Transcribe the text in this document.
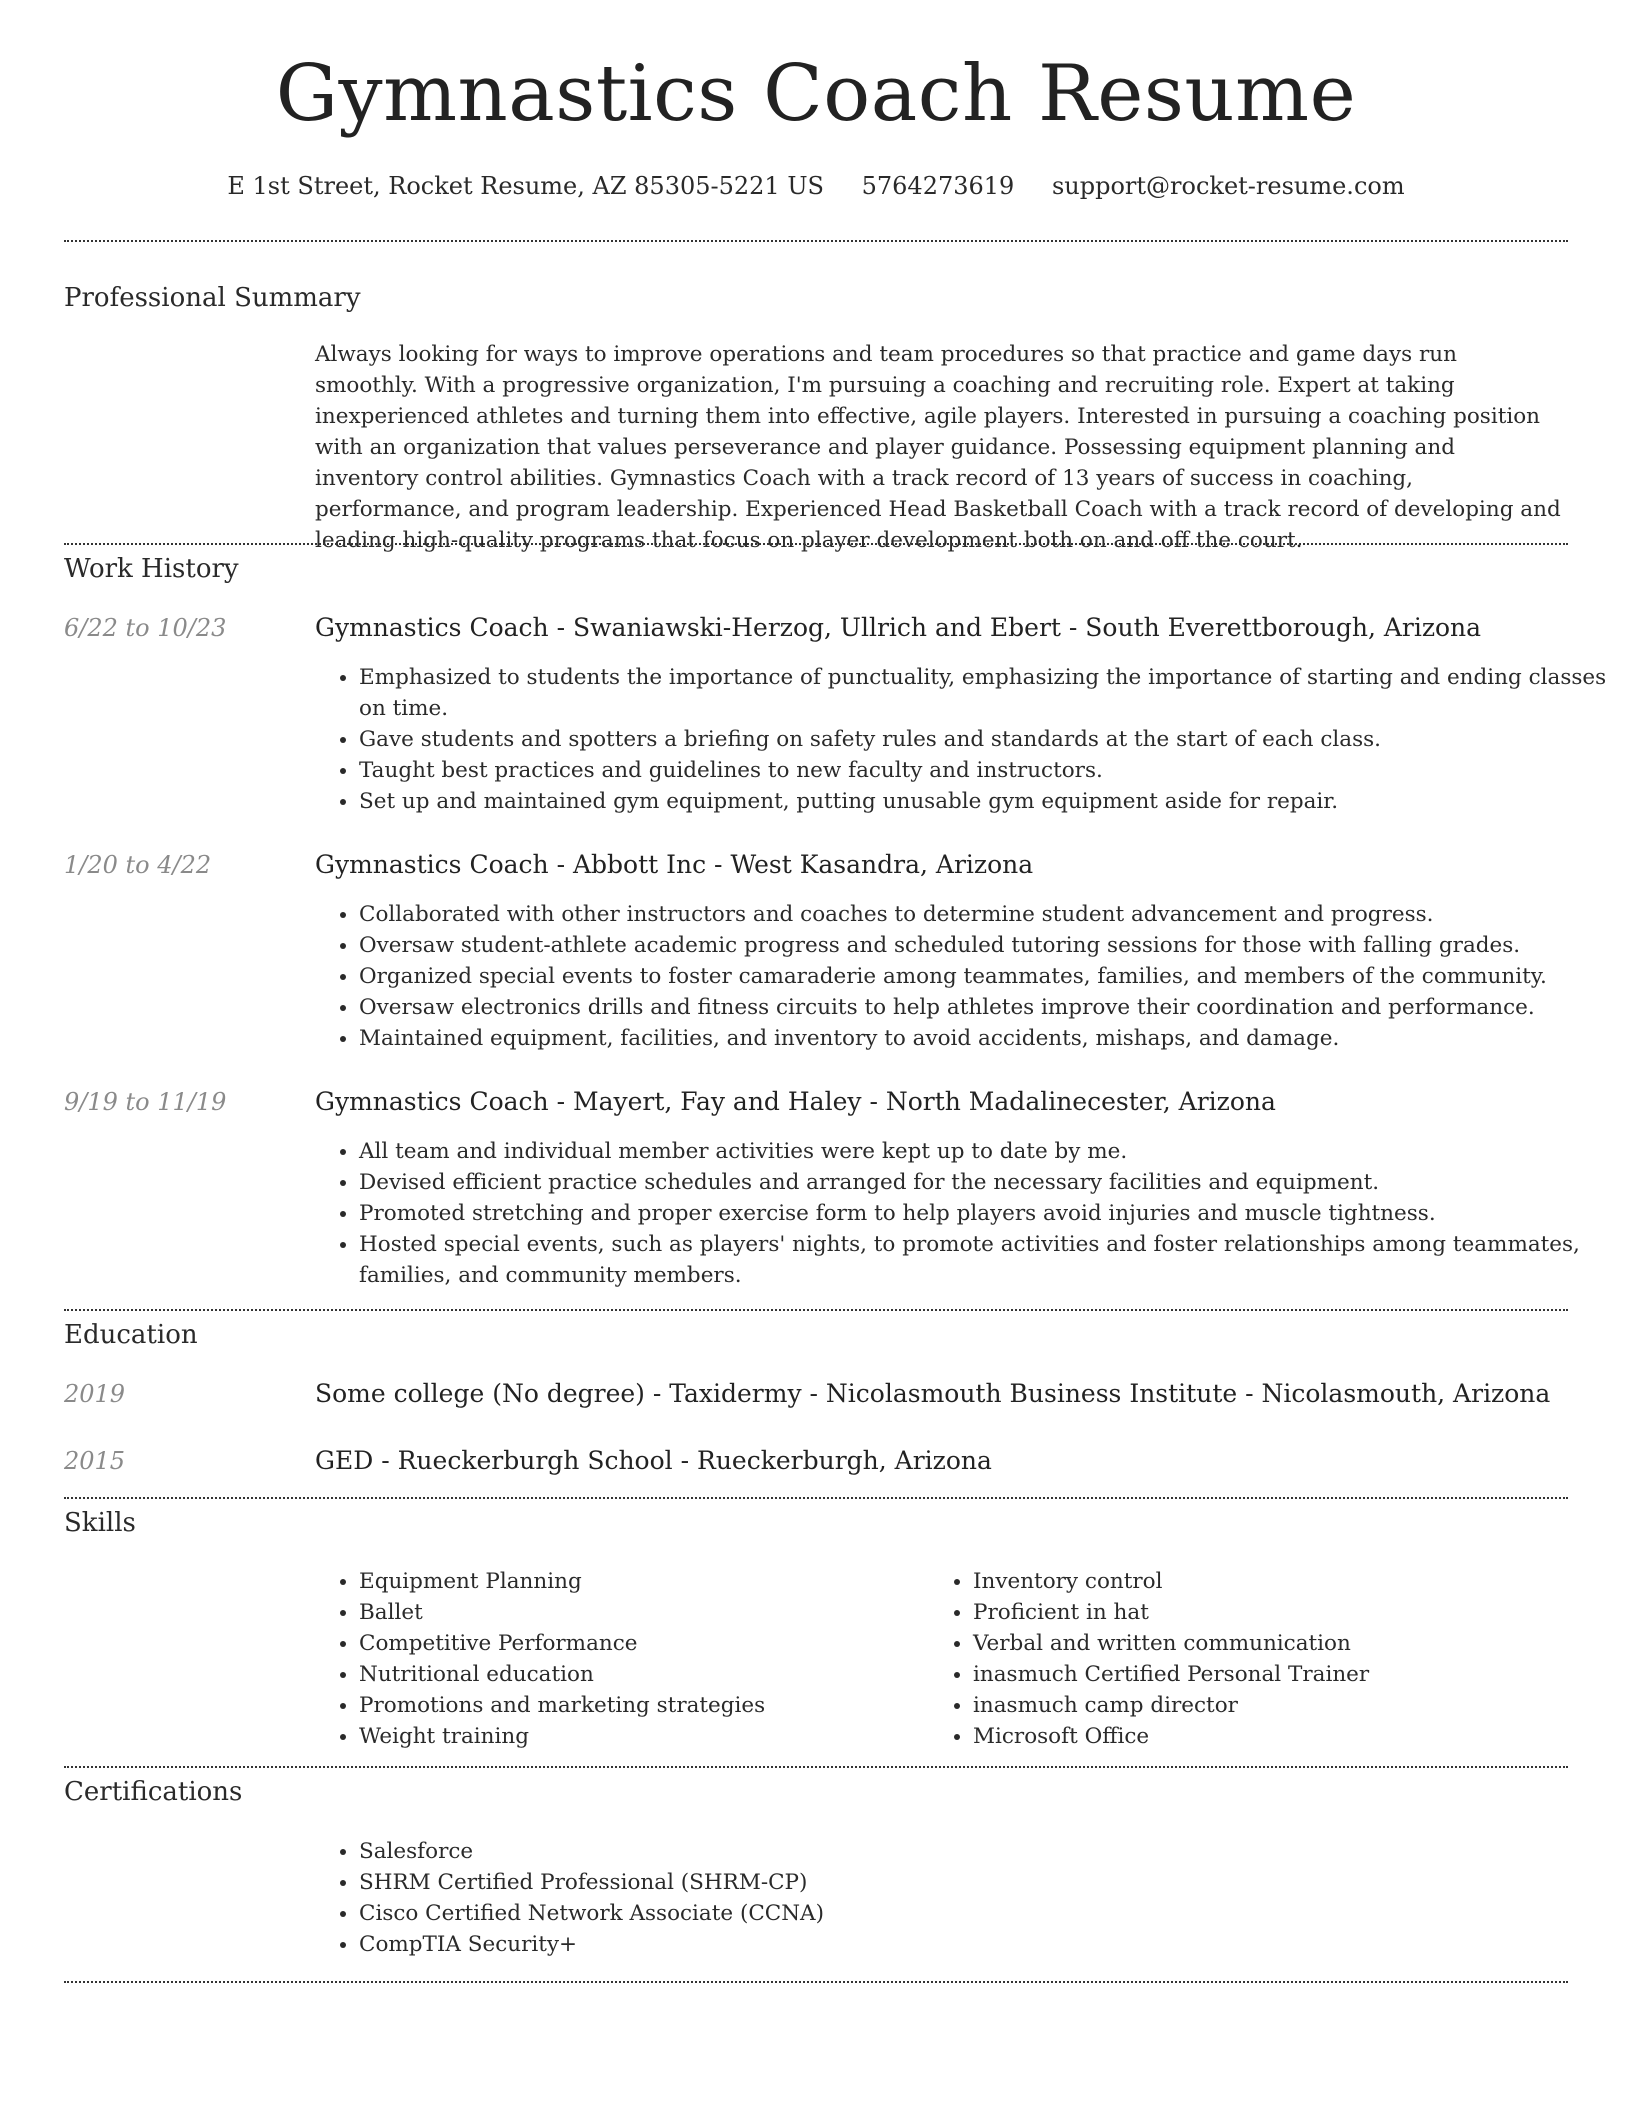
Gymnastics Coach Resume
E 1st Street, Rocket Resume, AZ 85305-5221 US 5764273619 support@rocket-resume.com
Professional Summary
Always looking for ways to improve operations and team procedures so that practice and game days run smoothly. With a progressive organization, I'm pursuing a coaching and recruiting role. Expert at taking inexperienced athletes and turning them into effective, agile players. Interested in pursuing a coaching position with an organization that values perseverance and player guidance. Possessing equipment planning and inventory control abilities. Gymnastics Coach with a track record of 13 years of success in coaching, performance, and program leadership. Experienced Head Basketball Coach with a track record of developing and leading high-quality programs that focus on player development both on and off the court.
Work History
6/22 to 10/23	Gymnastics Coach - Swaniawski-Herzog, Ullrich and Ebert - South Everettborough, Arizona
• Emphasized to students the importance of punctuality, emphasizing the importance of starting and ending classes on time.
• Gave students and spotters a briefing on safety rules and standards at the start of each class.
• Taught best practices and guidelines to new faculty and instructors.
• Set up and maintained gym equipment, putting unusable gym equipment aside for repair.
1/20 to 4/22	Gymnastics Coach - Abbott Inc - West Kasandra, Arizona
• Collaborated with other instructors and coaches to determine student advancement and progress.
• Oversaw student-athlete academic progress and scheduled tutoring sessions for those with falling grades.
• Organized special events to foster camaraderie among teammates, families, and members of the community.
• Oversaw electronics drills and fitness circuits to help athletes improve their coordination and performance.
• Maintained equipment, facilities, and inventory to avoid accidents, mishaps, and damage.
9/19 to 11/19	Gymnastics Coach - Mayert, Fay and Haley - North Madalinecester, Arizona
• All team and individual member activities were kept up to date by me.
• Devised efficient practice schedules and arranged for the necessary facilities and equipment.
• Promoted stretching and proper exercise form to help players avoid injuries and muscle tightness.
• Hosted special events, such as players' nights, to promote activities and foster relationships among teammates, families, and community members.
Education
2019	Some college (No degree) - Taxidermy - Nicolasmouth Business Institute - Nicolasmouth, Arizona
2015	GED - Rueckerburgh School - Rueckerburgh, Arizona
Skills
• Equipment Planning
• Ballet
• Competitive Performance
• Nutritional education
• Promotions and marketing strategies
• Weight training
• Inventory control
• Proficient in hat
• Verbal and written communication
• inasmuch Certified Personal Trainer
• inasmuch camp director
• Microsoft Office
Certifications
• Salesforce
• SHRM Certified Professional (SHRM-CP)
• Cisco Certified Network Associate (CCNA)
• CompTIA Security+
